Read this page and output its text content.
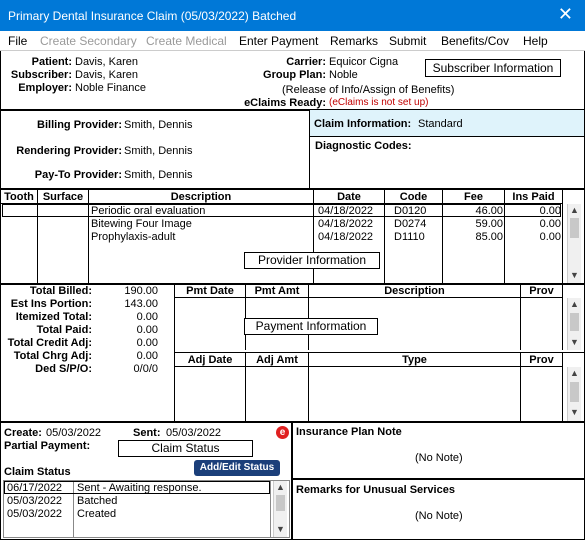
Primary Dental Insurance Claim (05/03/2022) Batched	✕
File Create Secondary Create Medical Enter Payment Remarks Submit Benefits/Cov Help
Patient: Davis, Karen
Subscriber: Davis, Karen
Employer: Noble Finance
Carrier: Equicor Cigna
Group Plan: Noble
(Release of Info/Assign of Benefits)
eClaims Ready: (eClaims is not set up)
Subscriber Information
Billing Provider: Smith, Dennis
Rendering Provider: Smith, Dennis
Pay-To Provider: Smith, Dennis
Claim Information: Standard
Diagnostic Codes:
Tooth Surface	Description	Date	Code	Fee	Ins Paid
Periodic oral evaluation	04/18/2022 D0120	46.00	0.00
Bitewing Four Image	04/18/2022 D0274	59.00	0.00
Prophylaxis-adult	04/18/2022 D1110	85.00	0.00
Provider Information
▲
▼
Total Billed:	190.00
Est Ins Portion:	143.00
Itemized Total:	0.00
Total Paid:	0.00
Total Credit Adj:	0.00
Total Chrg Adj:	0.00
Ded S/P/O:	0/0/0
Pmt Date	Pmt Amt	Description	Prov
Payment Information
▲
▼
Adj Date	Adj Amt	Type	Prov
▲
▼
Create: 05/03/2022	Sent: 05/03/2022	e
Partial Payment:	Claim Status
Claim Status	Add/Edit Status
06/17/2022 Sent - Awaiting response.
05/03/2022 Batched
05/03/2022 Created
▲
▼
Insurance Plan Note
(No Note)
Remarks for Unusual Services
(No Note)
